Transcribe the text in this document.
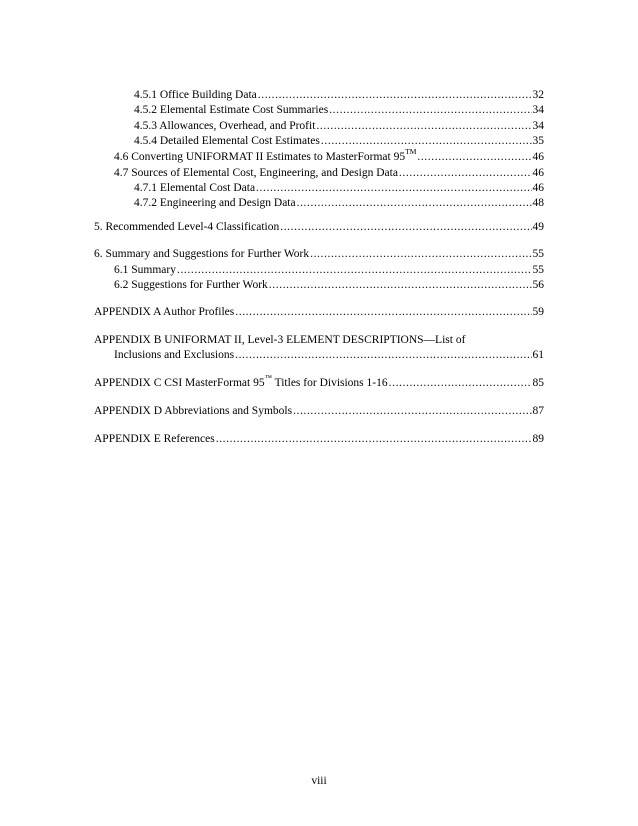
4.5.1 Office Building Data .....	32
4.5.2 Elemental Estimate Cost Summaries .....	34
4.5.3 Allowances, Overhead, and Profit .....	34
4.5.4 Detailed Elemental Cost Estimates .....	35
4.6 Converting UNIFORMAT II Estimates to MasterFormat 95™ .....	46
4.7 Sources of Elemental Cost, Engineering, and Design Data .....	46
4.7.1 Elemental Cost Data .....	46
4.7.2 Engineering and Design Data .....	48
5. Recommended Level-4 Classification .....	49
6. Summary and Suggestions for Further Work .....	55
6.1 Summary .....	55
6.2 Suggestions for Further Work .....	56
APPENDIX A Author Profiles .....	59
APPENDIX B UNIFORMAT II, Level-3 ELEMENT DESCRIPTIONS—List of
Inclusions and Exclusions .....	61
APPENDIX C CSI MasterFormat 95™ Titles for Divisions 1-16 .....	85
APPENDIX D Abbreviations and Symbols .....	87
APPENDIX E References .....	89
viii
